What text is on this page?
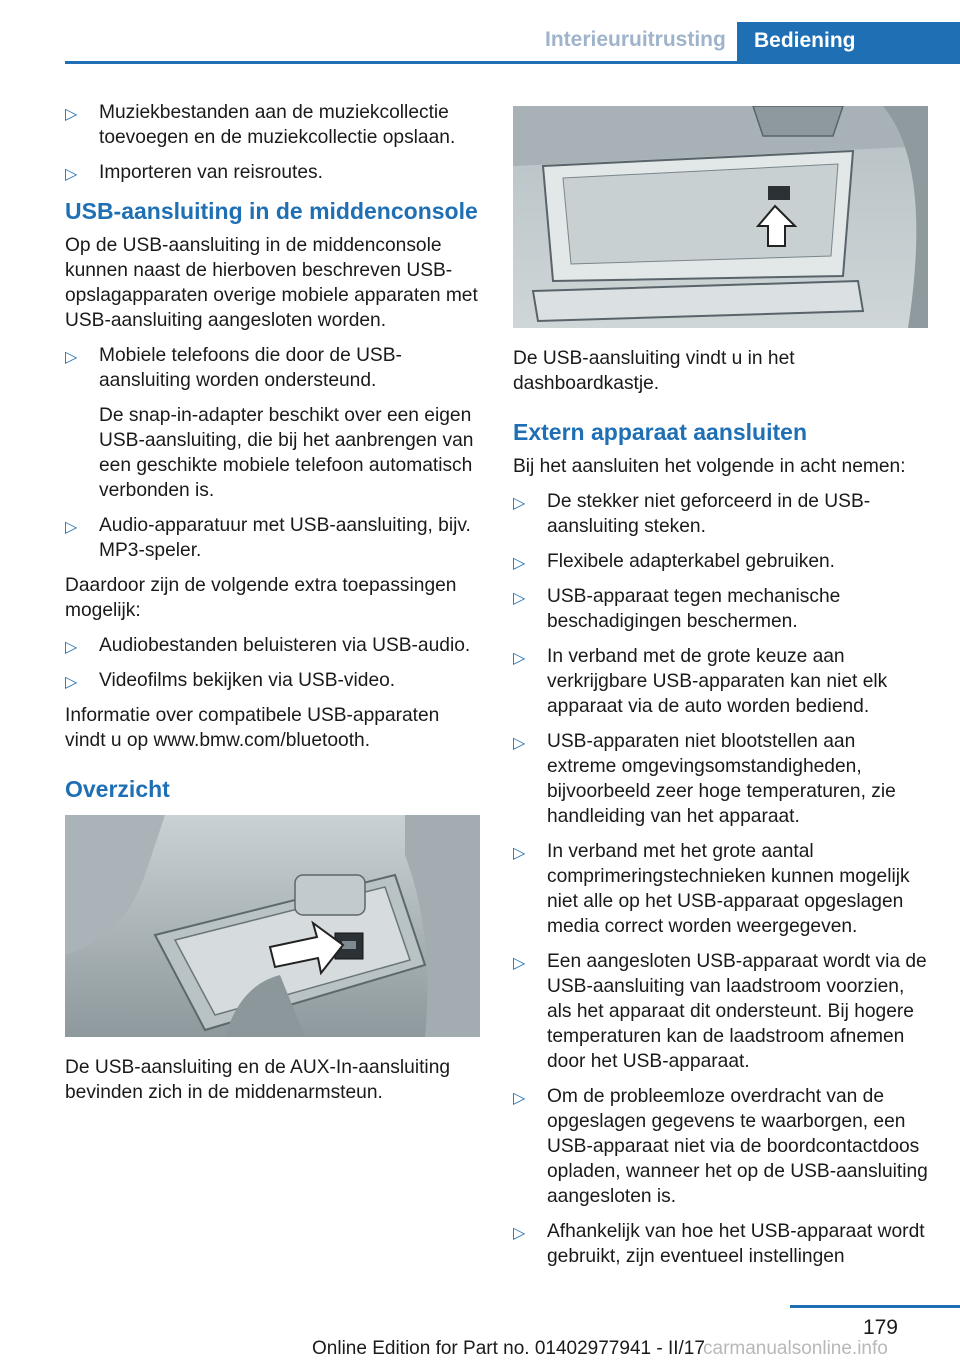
Interieuruitrusting	Bediening
▷ Muziekbestanden aan de muziekcollectie toevoegen en de muziekcollectie opslaan.
▷ Importeren van reisroutes.
USB-aansluiting in de middenconsole

Op de USB-aansluiting in de middenconsole kunnen naast de hierboven beschreven USB-opslagapparaten overige mobiele apparaten met USB-aansluiting aangesloten worden.

▷ Mobiele telefoons die door de USB-aansluiting worden ondersteund.
De snap-in-adapter beschikt over een eigen USB-aansluiting, die bij het aanbrengen van een geschikte mobiele telefoon automatisch verbonden is.
▷ Audio-apparatuur met USB-aansluiting, bijv. MP3-speler.

Daardoor zijn de volgende extra toepassingen mogelijk:

▷ Audiobestanden beluisteren via USB-audio.
▷ Videofilms bekijken via USB-video.

Informatie over compatibele USB-apparaten vindt u op www.bmw.com/bluetooth.

Overzicht

De USB-aansluiting en de AUX-In-aansluiting bevinden zich in de middenarmsteun.

De USB-aansluiting vindt u in het dashboardkastje.

Extern apparaat aansluiten

Bij het aansluiten het volgende in acht nemen:

▷ De stekker niet geforceerd in de USB-aansluiting steken.
▷ Flexibele adapterkabel gebruiken.
▷ USB-apparaat tegen mechanische beschadigingen beschermen.
▷ In verband met de grote keuze aan verkrijgbare USB-apparaten kan niet elk apparaat via de auto worden bediend.
▷ USB-apparaten niet blootstellen aan extreme omgevingsomstandigheden, bijvoorbeeld zeer hoge temperaturen, zie handleiding van het apparaat.
▷ In verband met het grote aantal comprimeringstechnieken kunnen mogelijk niet alle op het USB-apparaat opgeslagen media correct worden weergegeven.
▷ Een aangesloten USB-apparaat wordt via de USB-aansluiting van laadstroom voorzien, als het apparaat dit ondersteunt. Bij hogere temperaturen kan de laadstroom afnemen door het USB-apparaat.
▷ Om de probleemloze overdracht van de opgeslagen gegevens te waarborgen, een USB-apparaat niet via de boordcontactdoos opladen, wanneer het op de USB-aansluiting aangesloten is.
▷ Afhankelijk van hoe het USB-apparaat wordt gebruikt, zijn eventueel instellingen
179
Online Edition for Part no. 01402977941 - II/17
carmanualsonline.info
